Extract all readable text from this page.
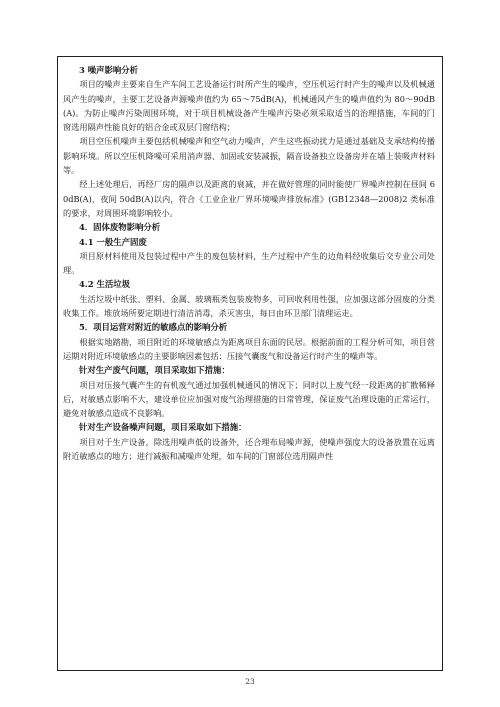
3 噪声影响分析

项目的噪声主要来自生产车间工艺设备运行时所产生的噪声，空压机运行时产生的噪声以及机械通风产生的噪声，主要工艺设备声源噪声值约为 65～75dB(A)，机械通风产生的噪声值约为 80～90dB(A)。为防止噪声污染周围环境，对于项目机械设备产生噪声污染必须采取适当的治理措施，车间的门窗选用隔声性能良好的铝合金或双层门窗结构；

项目空压机噪声主要包括机械噪声和空气动力噪声，产生这些振动扰力是通过基础及支承结构传播影响环境。所以空压机降噪可采用消声器、加固或安装减振，隔音设备独立设备房并在墙上装吸声材料等。

经上述处理后，再经厂房的隔声以及距离的衰减，并在做好管理的同时能使厂界噪声控制在昼间 60dB(A)，夜间 50dB(A)以内，符合《工业企业厂界环境噪声排放标准》(GB12348—2008)2 类标准的要求，对周围环境影响较小。

4．固体废物影响分析

4.1 一般生产固废

项目原材料使用及包装过程中产生的废包装材料，生产过程中产生的边角料经收集后交专业公司处理。

4.2 生活垃圾

生活垃圾中纸张、塑料、金属、玻璃瓶类包装废物多，可回收利用性强，应加强这部分固废的分类收集工作。堆放场所要定期进行清洁消毒，杀灭害虫，每日由环卫部门清理运走。

5．项目运营对附近的敏感点的影响分析

根据实地踏勘，项目附近的环境敏感点为距离项目东面的民居。根据前面的工程分析可知，项目营运期对附近环境敏感点的主要影响因素包括：压接气囊废气和设备运行时产生的噪声等。

针对生产废气问题，项目采取如下措施：

项目对压接气囊产生的有机废气通过加强机械通风的情况下；同时以上废气经一段距离的扩散稀释后，对敏感点影响不大，建设单位应加强对废气治理措施的日常管理，保证废气治理设施的正常运行，避免对敏感点造成不良影响。

针对生产设备噪声问题，项目采取如下措施：

项目对于生产设备，除选用噪声低的设备外，还合理布局噪声源，使噪声强度大的设备放置在远离附近敏感点的地方；进行减振和减噪声处理，如车间的门窗部位选用隔声性

23
